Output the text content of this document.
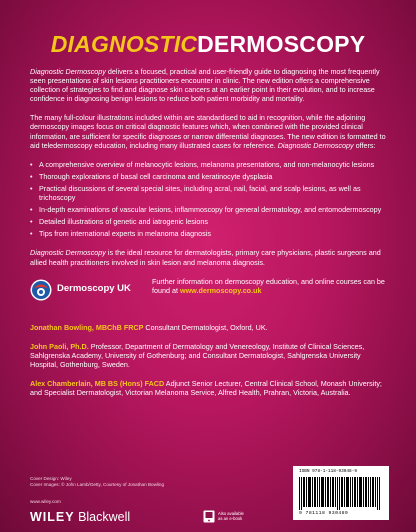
DIAGNOSTICDERMOSCOPY

Diagnostic Dermoscopy delivers a focused, practical and user-friendly guide to diagnosing the most frequently seen presentations of skin lesions practitioners encounter in clinic. The new edition offers a comprehensive collection of strategies to find and diagnose skin cancers at an earlier point in their evolution, and to increase confidence in diagnosing benign lesions to reduce both patient morbidity and mortality.

The many full-colour illustrations included within are standardised to aid in recognition, while the adjoining dermoscopy images focus on critical diagnostic features which, when combined with the provided clinical information, are sufficient for specific diagnoses or narrow differential diagnoses. The new edition is formatted to aid teledermoscopy education, including many illustrated cases for reference. Diagnostic Dermoscopy offers:

• A comprehensive overview of melanocytic lesions, melanoma presentations, and non-melanocytic lesions
• Thorough explorations of basal cell carcinoma and keratinocyte dysplasia
• Practical discussions of several special sites, including acral, nail, facial, and scalp lesions, as well as trichoscopy
• In-depth examinations of vascular lesions, inflammoscopy for general dermatology, and entomodermoscopy
• Detailed illustrations of genetic and iatrogenic lesions
• Tips from international experts in melanoma diagnosis

Diagnostic Dermoscopy is the ideal resource for dermatologists, primary care physicians, plastic surgeons and allied health practitioners involved in skin lesion and melanoma diagnosis.

Dermoscopy UK
Further information on dermoscopy education, and online courses can be found at www.dermoscopy.co.uk

Jonathan Bowling, MBChB FRCP Consultant Dermatologist, Oxford, UK.

John Paoli, Ph.D. Professor, Department of Dermatology and Venereology, Institute of Clinical Sciences, Sahlgrenska Academy, University of Gothenburg; and Consultant Dermatologist, Sahlgrenska University Hospital, Gothenburg, Sweden.

Alex Chamberlain, MB BS (Hons) FACD Adjunct Senior Lecturer, Central Clinical School, Monash University; and Specialist Dermatologist, Victorian Melanoma Service, Alfred Health, Prahran, Victoria, Australia.

Cover Design: Wiley
Cover Images: © John Lamb/Getty, Courtesy of Jonathan Bowling
www.wiley.com
WILEY Blackwell	Also available
as an e-book
ISBN 978-1-118-93048-9
9 781118 930489
